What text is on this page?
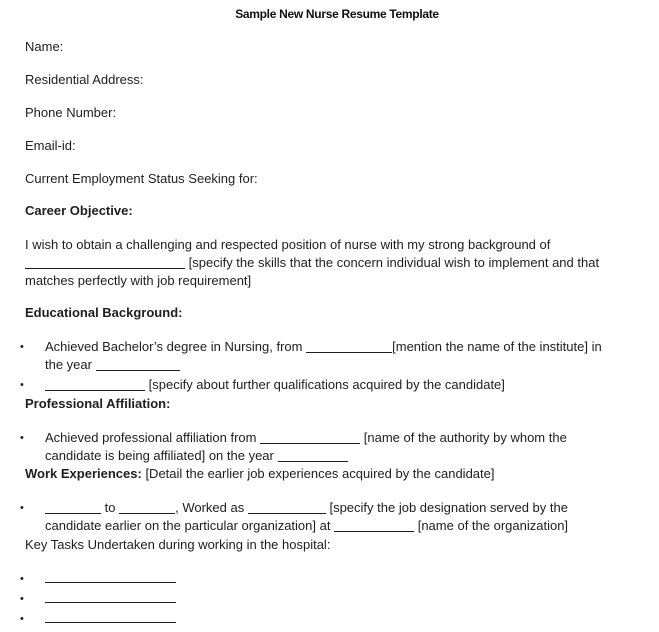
Sample New Nurse Resume Template
Name:
Residential Address:
Phone Number:
Email-id:
Current Employment Status Seeking for:
Career Objective:
I wish to obtain a challenging and respected position of nurse with my strong background of
[specify the skills that the concern individual wish to implement and that matches perfectly with job requirement]
Educational Background:
• Achieved Bachelor’s degree in Nursing, from	[mention the name of the institute] in
the year
•	[specify about further qualifications acquired by the candidate]
Professional Affiliation:
• Achieved professional affiliation from	[name of the authority by whom the
candidate is being affiliated] on the year
Work Experiences: [Detail the earlier job experiences acquired by the candidate]
•	to	, Worked as	[specify the job designation served by the
candidate earlier on the particular organization] at	[name of the organization]
Key Tasks Undertaken during working in the hospital:
•
•
•
